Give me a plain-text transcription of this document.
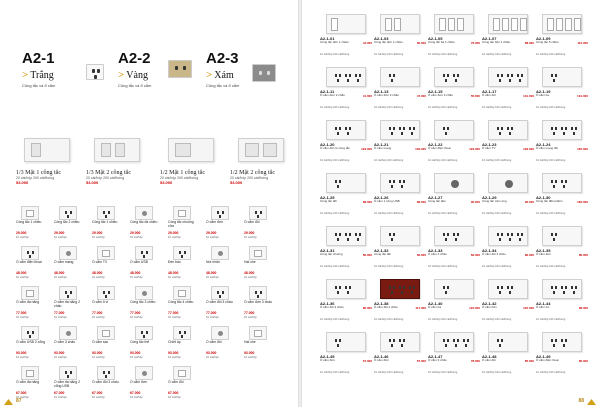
A2-1
> Trắng
Công tắc và ổ cắm
A2-2
> Vàng
Công tắc và ổ cắm
A2-3
> Xám
Công tắc và ổ cắm
1/3 Mặt 1 công tắc
20 cái/hộp 200 cái/thùng
53.000
1/3 Mặt 2 công tắc
20 cái/hộp 200 cái/thùng
53.000
1/2 Mặt 1 công tắc
20 cái/hộp 200 cái/thùng
53.000
1/2 Mặt 2 công tắc
20 cái/hộp 200 cái/thùng
53.000
Công tắc 1 chiều
29.000
10 cái/hộp
Công tắc 2 chiều
29.000
10 cái/hộp
Công tắc 1 chiều
29.000
10 cái/hộp
Công tắc đa chiều
29.000
10 cái/hộp
Công tắc chuông cửa
29.000
10 cái/hộp
Ổ cắm đơn
29.000
10 cái/hộp
Ổ cắm đôi
29.000
10 cái/hộp
Ổ cắm điện thoại
48.000
10 cái/hộp
Ổ cắm mạng
48.000
10 cái/hộp
Ổ cắm TV
48.000
10 cái/hộp
Ổ cắm USB
48.000
10 cái/hộp
Đèn báo
48.000
10 cái/hộp
Nút nhấn
48.000
10 cái/hộp
Hạt che
48.000
10 cái/hộp
Ổ cắm đa năng
77.000
10 cái/hộp
Ổ cắm đa năng 2 chấu
77.000
10 cái/hộp
Ổ cắm ti vi
77.000
10 cái/hộp
Công tắc 3 chiều
77.000
10 cái/hộp
Công tắc 4 chiều
77.000
10 cái/hộp
Ổ cắm đôi 3 chấu
77.000
10 cái/hộp
Ổ cắm đơn 3 chấu
77.000
10 cái/hộp
Ổ cắm USB 2 cổng
93.000
10 cái/hộp
Ổ cắm 3 chấu
93.000
10 cái/hộp
Ổ cắm sạc
93.000
10 cái/hộp
Công tắc thẻ
93.000
10 cái/hộp
Chiết áp
93.000
10 cái/hộp
Ổ cắm đôi
93.000
10 cái/hộp
Hạt che
93.000
10 cái/hộp
Ổ cắm đa năng
67.000
10 cái/hộp
Ổ cắm đa năng 2 cổng USB
67.000
10 cái/hộp
Ổ cắm đôi 3 chấu
67.000
10 cái/hộp
Ổ cắm đơn
67.000
10 cái/hộp
Ổ cắm đôi
67.000
10 cái/hộp
87
A2-1-01
Công tắc đơn 1 chiều	44.000
10 cái/hộp 100 cái/thùng
A2-1-03
Công tắc đơn 1 chiều	60.000
10 cái/hộp 100 cái/thùng
A2-1-05
Công tắc ba 1 chiều	76.000
10 cái/hộp 100 cái/thùng
A2-1-07
Công tắc bốn 1 chiều	88.000
10 cái/hộp 100 cái/thùng
A2-1-09
Công tắc 5 chiều	110.000
10 cái/hộp 100 cái/thùng
A2-1-11
Ổ cắm đơn 2 chấu	41.000
10 cái/hộp 100 cái/thùng
A2-1-13
Ổ cắm đơn 3 chấu	47.000
10 cái/hộp 100 cái/thùng
A2-1-15
Ổ cắm đơn 3 chấu	55.000
10 cái/hộp 100 cái/thùng
A2-1-17
Ổ cắm đôi	131.000
10 cái/hộp 100 cái/thùng
A2-1-19
Ổ cắm ba	131.000
10 cái/hộp 100 cái/thùng
A2-1-20
Ổ cắm đôi có công tắc	129.000
10 cái/hộp 100 cái/thùng
A2-1-21
Ổ cắm mạng	139.000
10 cái/hộp 100 cái/thùng
A2-1-22
Ổ cắm điện thoại	129.000
10 cái/hộp 100 cái/thùng
A2-1-23
Ổ cắm TV	129.000
10 cái/hộp 100 cái/thùng
A2-1-24
Ổ cắm mạng đôi	165.000
10 cái/hộp 100 cái/thùng
A2-1-25
Công tắc đôi	89.000
10 cái/hộp 100 cái/thùng
A2-1-26
Ổ cắm 1 cổng USB	89.000
10 cái/hộp 100 cái/thùng
A2-1-27
Công tắc đèn	90.000
10 cái/hộp 100 cái/thùng
A2-1-29
Công tắc cảm ứng	90.000
10 cái/hộp 100 cái/thùng
A2-1-30
Công tắc điều khiển	160.000
10 cái/hộp 100 cái/thùng
A2-1-31
Công tắc chuông	60.000
10 cái/hộp 100 cái/thùng
A2-1-32
Công tắc đôi	60.000
10 cái/hộp 100 cái/thùng
A2-1-33
Ổ cắm 2 chấu	60.000
10 cái/hộp 100 cái/thùng
A2-1-34
Ổ cắm đôi 3 chấu	80.000
10 cái/hộp 100 cái/thùng
A2-1-35
Ổ cắm đơn	80.000
10 cái/hộp 100 cái/thùng
A2-1-36
Ổ cắm đôi 3 chấu	80.000
10 cái/hộp 100 cái/thùng
A2-1-38
Ổ cắm đôi 2 chấu	117.000
10 cái/hộp 100 cái/thùng
A2-1-40
Ổ cắm ba	120.000
10 cái/hộp 100 cái/thùng
A2-1-42
Ổ cắm bốn	120.000
10 cái/hộp 100 cái/thùng
A2-1-44
Ổ cắm tivi	86.000
10 cái/hộp 100 cái/thùng
A2-1-45
Ổ cắm đơn	67.000
10 cái/hộp 100 cái/thùng
A2-1-46
Ổ cắm đơn	67.000
10 cái/hộp 100 cái/thùng
A2-1-47
Ổ cắm 3 chấu	78.000
10 cái/hộp 100 cái/thùng
A2-1-48
Ổ cắm đôi	85.000
10 cái/hộp 100 cái/thùng
A2-1-49
Ổ cắm điện thoại	85.000
10 cái/hộp 100 cái/thùng
88
